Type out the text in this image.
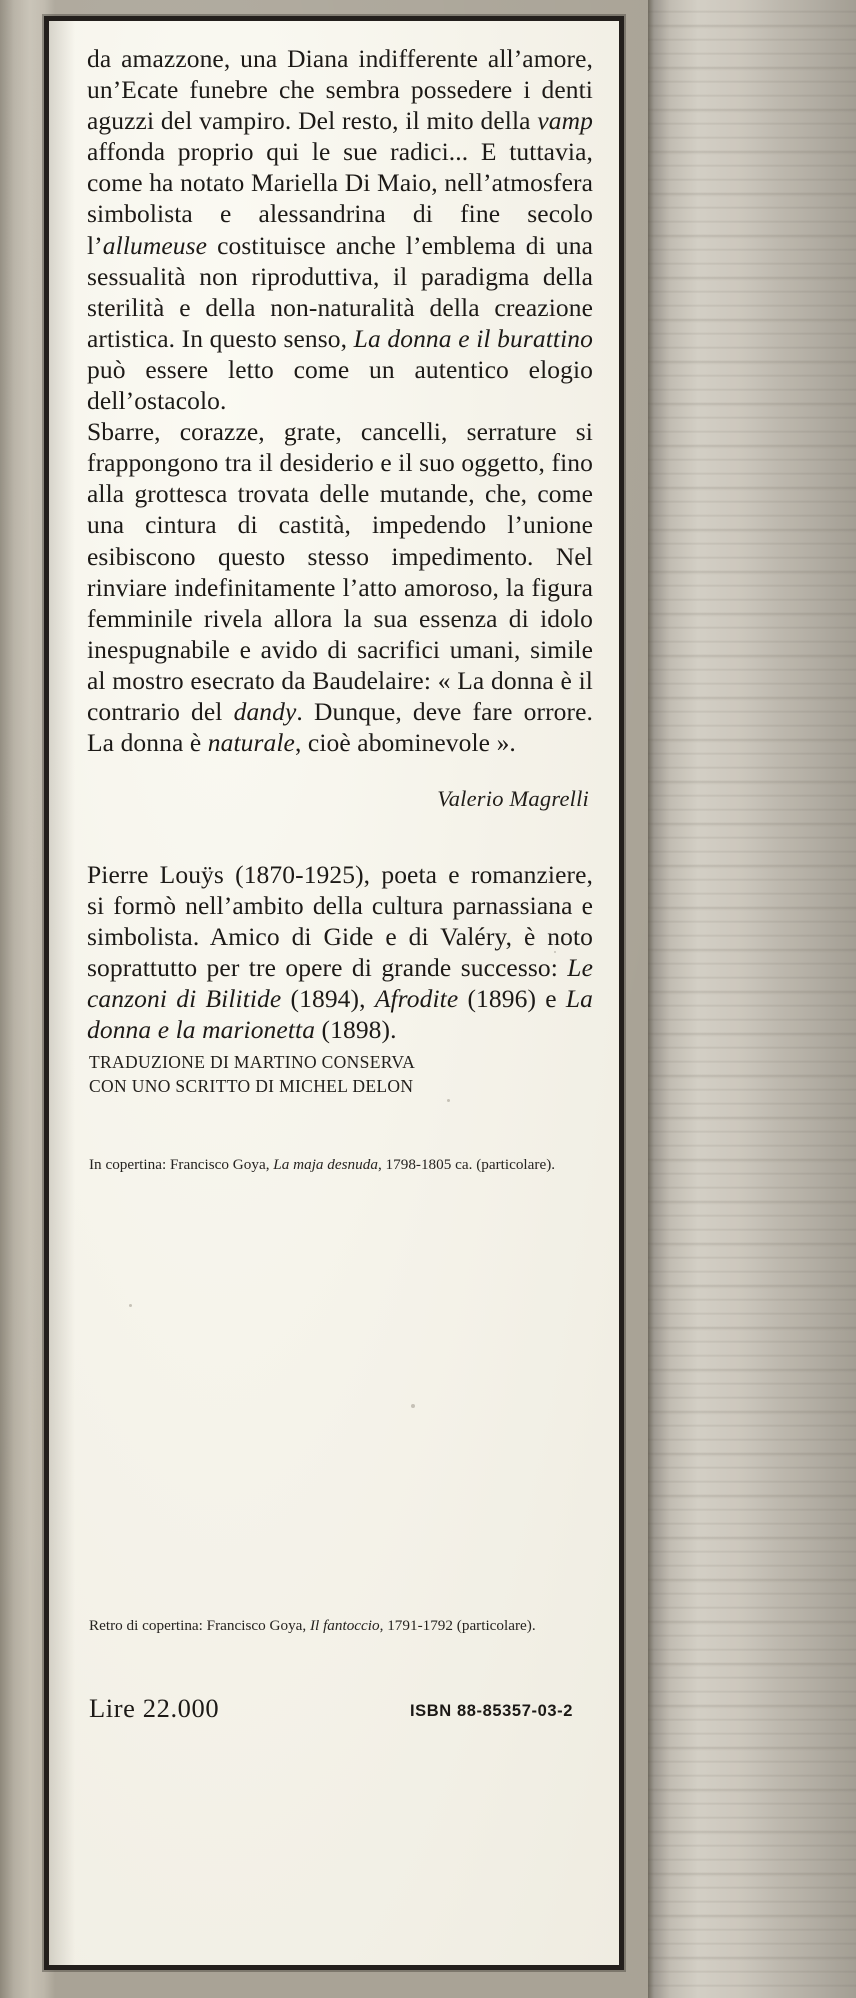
da amazzone, una Diana indifferente all’amore, un’Ecate funebre che sembra possedere i denti aguzzi del vampiro. Del resto, il mito della vamp affonda proprio qui le sue radici... E tuttavia, come ha notato Mariella Di Maio, nell’atmosfera simbolista e alessandrina di fine secolo l’allumeuse costituisce anche l’emblema di una sessualità non riproduttiva, il paradigma della sterilità e della non-naturalità della creazione artistica. In questo senso, La donna e il burattino può essere letto come un autentico elogio dell’ostacolo.

Sbarre, corazze, grate, cancelli, serrature si frappongono tra il desiderio e il suo oggetto, fino alla grottesca trovata delle mutande, che, come una cintura di castità, impedendo l’unione esibiscono questo stesso impedimento. Nel rinviare indefinitamente l’atto amoroso, la figura femminile rivela allora la sua essenza di idolo inespugnabile e avido di sacrifici umani, simile al mostro esecrato da Baudelaire: « La donna è il contrario del dandy. Dunque, deve fare orrore. La donna è naturale, cioè abominevole ».

Valerio Magrelli

Pierre Louÿs (1870-1925), poeta e romanziere, si formò nell’ambito della cultura parnassiana e simbolista. Amico di Gide e di Valéry, è noto soprattutto per tre opere di grande successo: Le canzoni di Bilitide (1894), Afrodite (1896) e La donna e la marionetta (1898).

TRADUZIONE DI MARTINO CONSERVA
CON UNO SCRITTO DI MICHEL DELON
In copertina: Francisco Goya, La maja desnuda, 1798-1805 ca. (particolare).
Retro di copertina: Francisco Goya, Il fantoccio, 1791-1792 (particolare).
Lire 22.000	ISBN 88-85357-03-2
